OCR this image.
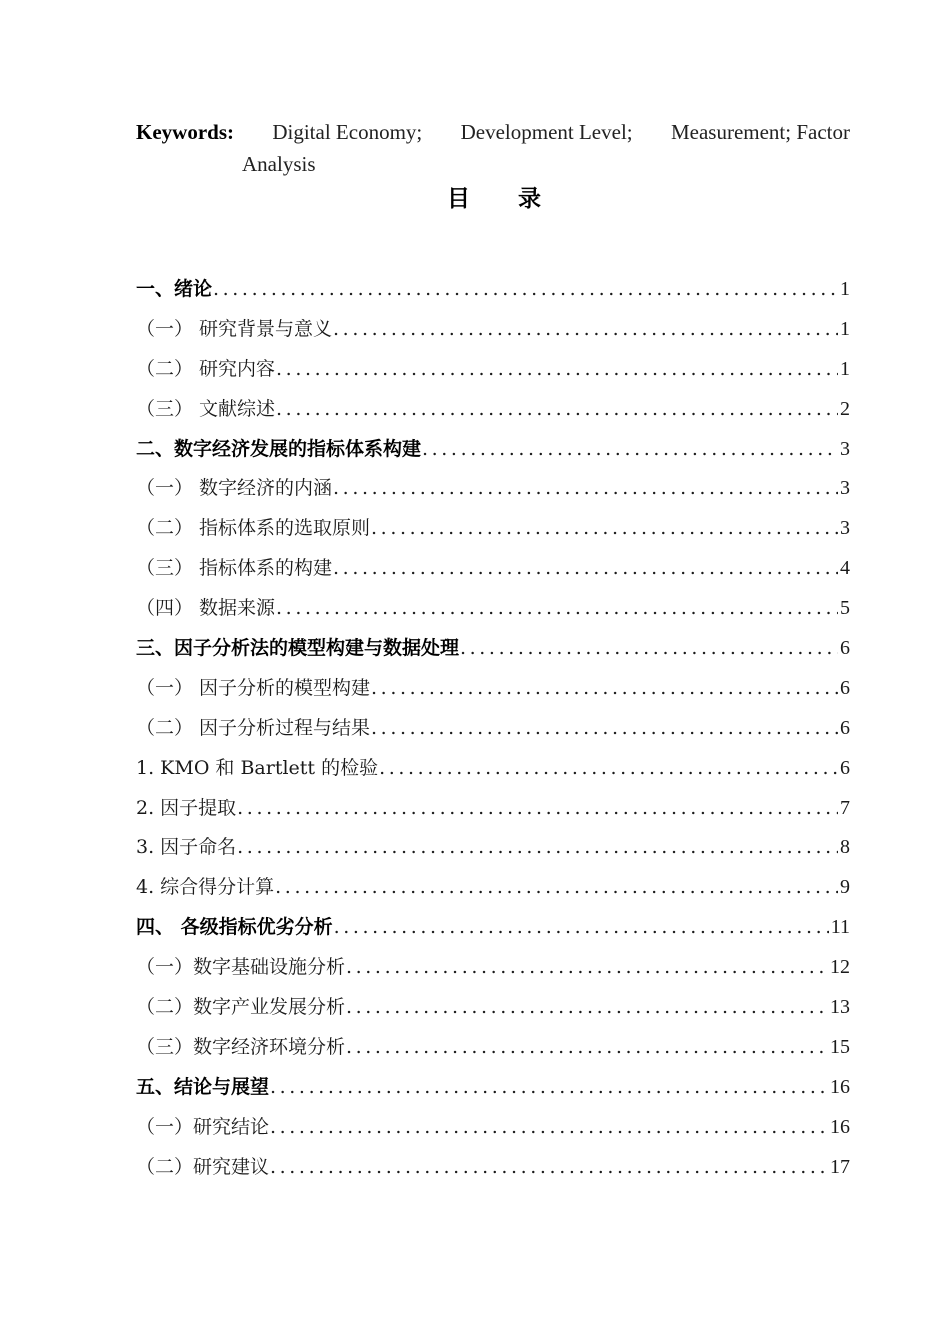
Keywords: Digital Economy; Development Level; Measurement; Factor
Analysis
目 录
一、绪论 .....	1
（一） 研究背景与意义 .....	1
（二） 研究内容 .....	1
（三） 文献综述 .....	2
二、数字经济发展的指标体系构建 .....	3
（一） 数字经济的内涵 .....	3
（二） 指标体系的选取原则 .....	3
（三） 指标体系的构建 .....	4
（四） 数据来源 .....	5
三、因子分析法的模型构建与数据处理 .....	6
（一） 因子分析的模型构建 .....	6
（二） 因子分析过程与结果 .....	6
1. KMO 和 Bartlett 的检验 .....	6
2. 因子提取 .....	7
3. 因子命名 .....	8
4. 综合得分计算 .....	9
四、 各级指标优劣分析 .....	11
（一）数字基础设施分析 .....	12
（二）数字产业发展分析 .....	13
（三）数字经济环境分析 .....	15
五、结论与展望 .....	16
（一）研究结论 .....	16
（二）研究建议 .....	17
